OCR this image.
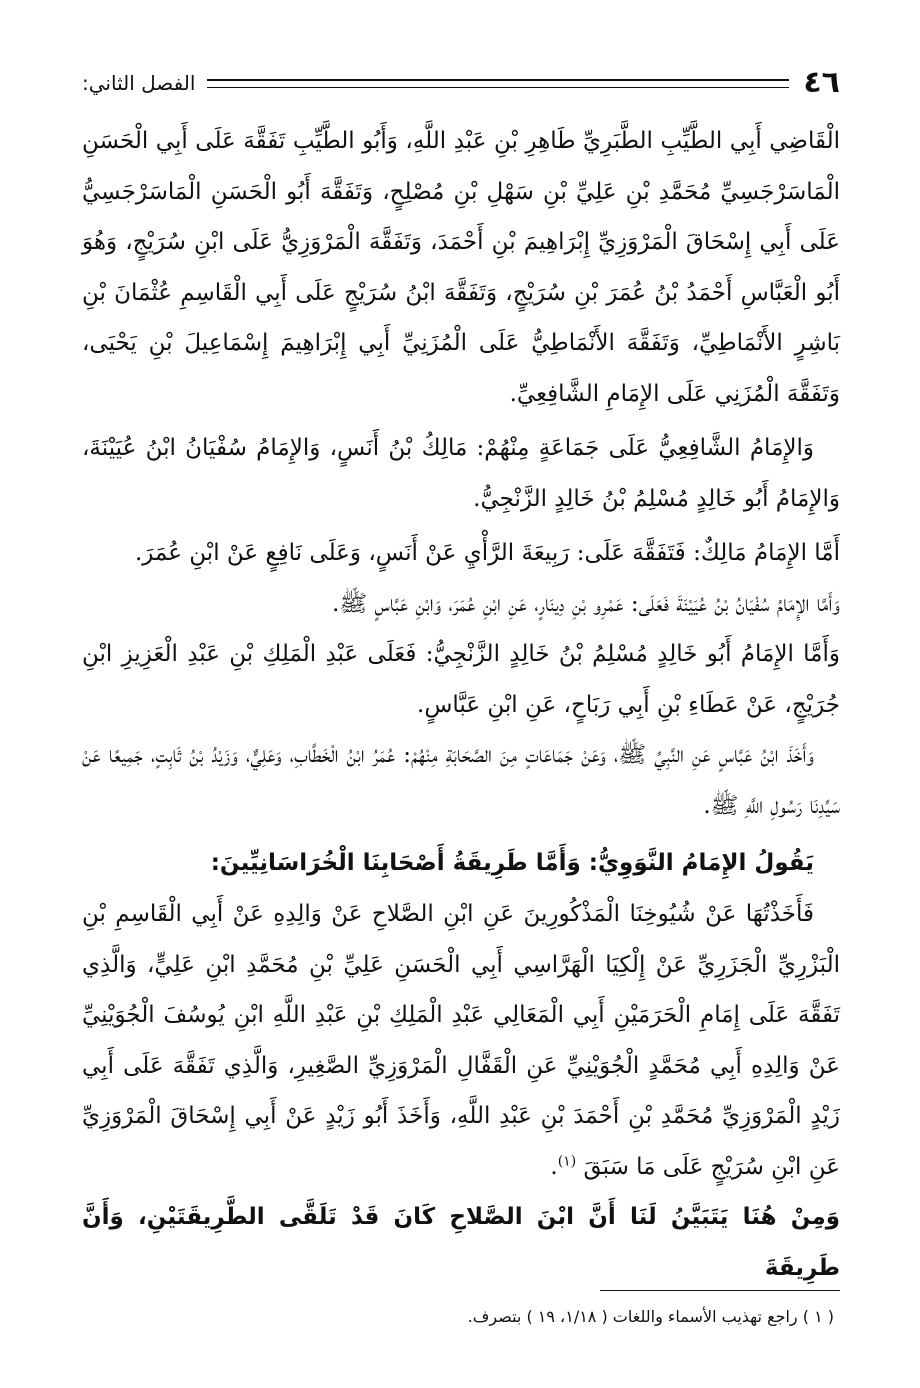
٤٦
الفصل الثاني:

الْقَاضِي أَبِي الطَّيِّبِ الطَّبَرِيِّ طَاهِرِ بْنِ عَبْدِ اللَّهِ، وَأَبُو الطَّيِّبِ تَفَقَّهَ عَلَى أَبِي الْحَسَنِ الْمَاسَرْجَسِيِّ مُحَمَّدِ بْنِ عَلِيِّ بْنِ سَهْلِ بْنِ مُصْلِحٍ، وَتَفَقَّهَ أَبُو الْحَسَنِ الْمَاسَرْجَسِيُّ عَلَى أَبِي إِسْحَاقَ الْمَرْوَزِيِّ إِبْرَاهِيمَ بْنِ أَحْمَدَ، وَتَفَقَّهَ الْمَرْوَزِيُّ عَلَى ابْنِ سُرَيْجٍ، وَهُوَ أَبُو الْعَبَّاسِ أَحْمَدُ بْنُ عُمَرَ بْنِ سُرَيْجٍ، وَتَفَقَّهَ ابْنُ سُرَيْجٍ عَلَى أَبِي الْقَاسِمِ عُثْمَانَ بْنِ بَاشِرٍ الأَنْمَاطِيِّ، وَتَفَقَّهَ الأَنْمَاطِيُّ عَلَى الْمُزَنِيِّ أَبِي إِبْرَاهِيمَ إِسْمَاعِيلَ بْنِ يَحْيَى، وَتَفَقَّهَ الْمُزَنِي عَلَى الإِمَامِ الشَّافِعِيِّ.

وَالإِمَامُ الشَّافِعِيُّ عَلَى جَمَاعَةٍ مِنْهُمْ: مَالِكُ بْنُ أَنَسٍ، وَالإِمَامُ سُفْيَانُ ابْنُ عُيَيْنَةَ، وَالإِمَامُ أَبُو خَالِدٍ مُسْلِمُ بْنُ خَالِدٍ الزَّنْجِيُّ.

أَمَّا الإِمَامُ مَالِكٌ: فَتَفَقَّهَ عَلَى: رَبِيعَةَ الرَّأْيِ عَنْ أَنَسٍ، وَعَلَى نَافِعٍ عَنْ ابْنِ عُمَرَ.

وَأَمَّا الإِمَامُ سُفْيَانُ بْنُ عُيَيْنَةَ فَعَلَى: عَمْرِو بْنِ دِينَارٍ، عَنِ ابْنِ عُمَرَ، وَابْنِ عَبَّاسٍ ﷺ.

وَأَمَّا الإِمَامُ أَبُو خَالِدٍ مُسْلِمُ بْنُ خَالِدٍ الزَّنْجِيُّ: فَعَلَى عَبْدِ الْمَلِكِ بْنِ عَبْدِ الْعَزِيزِ ابْنِ جُرَيْجٍ، عَنْ عَطَاءِ بْنِ أَبِي رَبَاحٍ، عَنِ ابْنِ عَبَّاسٍ.

وَأَخَذَ ابْنُ عَبَّاسٍ عَنِ النَّبِيِّ ﷺ، وَعَنْ جَمَاعَاتٍ مِنَ الصَّحَابَةِ مِنْهُمْ: عُمَرُ ابْنُ الْخَطَّابِ، وَعَلِيٌّ، وَزَيْدُ بْنُ ثَابِتٍ، جَمِيعًا عَنْ سَيِّدِنَا رَسُولِ اللَّهِ ﷺ.

يَقُولُ الإِمَامُ النَّوَوِيُّ: وَأَمَّا طَرِيقَةُ أَصْحَابِنَا الْخُرَاسَانِيِّينَ:

فَأَخَذْتُهَا عَنْ شُيُوخِنَا الْمَذْكُورِينَ عَنِ ابْنِ الصَّلاحِ عَنْ وَالِدِهِ عَنْ أَبِي الْقَاسِمِ بْنِ الْبَزْرِيِّ الْجَزَرِيِّ عَنْ إِلْكِيَا الْهَرَّاسِي أَبِي الْحَسَنِ عَلِيِّ بْنِ مُحَمَّدِ ابْنِ عَلِيٍّ، وَالَّذِي تَفَقَّهَ عَلَى إِمَامِ الْحَرَمَيْنِ أَبِي الْمَعَالِي عَبْدِ الْمَلِكِ بْنِ عَبْدِ اللَّهِ ابْنِ يُوسُفَ الْجُوَيْنِيِّ عَنْ وَالِدِهِ أَبِي مُحَمَّدٍ الْجُوَيْنِيِّ عَنِ الْقَفَّالِ الْمَرْوَزِيِّ الصَّغِيرِ، وَالَّذِي تَفَقَّهَ عَلَى أَبِي زَيْدٍ الْمَرْوَزِيِّ مُحَمَّدِ بْنِ أَحْمَدَ بْنِ عَبْدِ اللَّهِ، وَأَخَذَ أَبُو زَيْدٍ عَنْ أَبِي إِسْحَاقَ الْمَرْوَزِيِّ عَنِ ابْنِ سُرَيْجٍ عَلَى مَا سَبَقَ $^{(١)}$.

وَمِنْ هُنَا يَتَبَيَّنُ لَنَا أَنَّ ابْنَ الصَّلاحِ كَانَ قَدْ تَلَقَّى الطَّرِيقَتَيْنِ، وَأَنَّ طَرِيقَةَ

( ١ ) راجع تهذيب الأسماء واللغات ( ١/١٨، ١٩ ) بتصرف.
